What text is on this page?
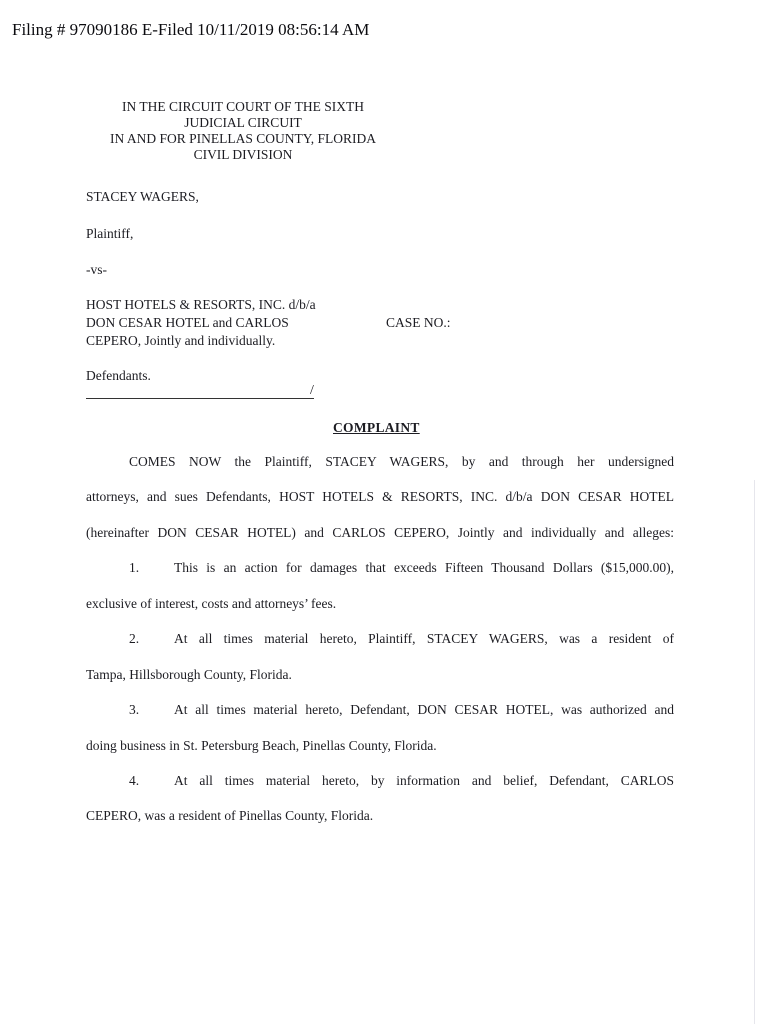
Filing # 97090186 E-Filed 10/11/2019 08:56:14 AM
IN THE CIRCUIT COURT OF THE SIXTH
JUDICIAL CIRCUIT
IN AND FOR PINELLAS COUNTY, FLORIDA
CIVIL DIVISION
STACEY WAGERS,
Plaintiff,
-vs-
HOST HOTELS & RESORTS, INC. d/b/a
DON CESAR HOTEL and CARLOS
CEPERO, Jointly and individually.
CASE NO.:
Defendants.
/
COMPLAINT
COMES NOW the Plaintiff, STACEY WAGERS, by and through her undersigned
attorneys, and sues Defendants, HOST HOTELS & RESORTS, INC. d/b/a DON CESAR HOTEL
(hereinafter DON CESAR HOTEL) and CARLOS CEPERO, Jointly and individually and alleges:
1.	This is an action for damages that exceeds Fifteen Thousand Dollars ($15,000.00),
exclusive of interest, costs and attorneys’ fees.
2.	At all times material hereto, Plaintiff, STACEY WAGERS, was a resident of
Tampa, Hillsborough County, Florida.
3.	At all times material hereto, Defendant, DON CESAR HOTEL, was authorized and
doing business in St. Petersburg Beach, Pinellas County, Florida.
4.	At all times material hereto, by information and belief, Defendant, CARLOS
CEPERO, was a resident of Pinellas County, Florida.
